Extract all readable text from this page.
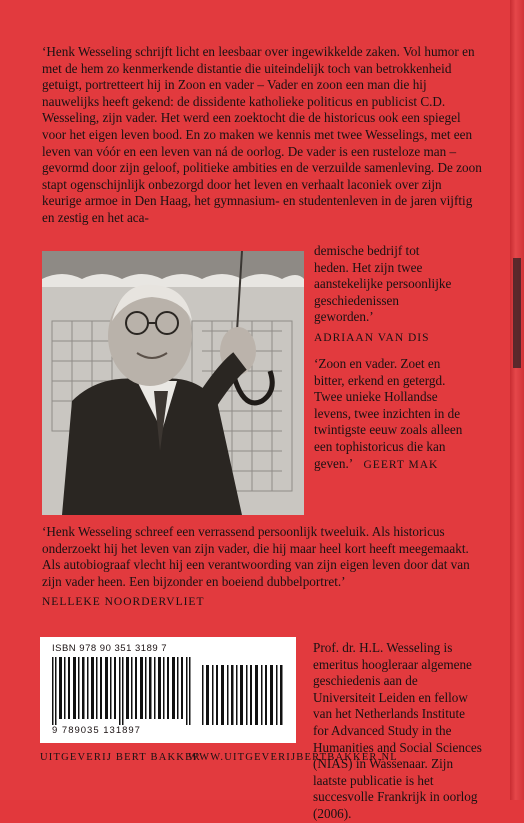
‘Henk Wesseling schrijft licht en leesbaar over ingewikkelde zaken. Vol humor en met de hem zo kenmerkende distantie die uiteindelijk toch van betrokkenheid getuigt, portretteert hij in Zoon en vader – Vader en zoon een man die hij nauwelijks heeft gekend: de dissidente katholieke politicus en publicist C.D. Wesseling, zijn vader. Het werd een zoektocht die de historicus ook een spiegel voor het eigen leven bood. En zo maken we kennis met twee Wesselings, met een leven van vóór en een leven van ná de oorlog. De vader is een rusteloze man – gevormd door zijn geloof, politieke ambities en de verzuilde samenleving. De zoon stapt ogenschijnlijk onbezorgd door het leven en verhaalt laconiek over zijn keurige armoe in Den Haag, het gymnasium- en studentenleven in de jaren vijftig en zestig en het aca-
demische bedrijf tot heden. Het zijn twee aanstekelijke persoonlijke geschiedenissen geworden.’
ADRIAAN VAN DIS
‘Zoon en vader. Zoet en bitter, erkend en getergd. Twee unieke Hollandse levens, twee inzichten in de twintigste eeuw zoals alleen een tophistoricus die kan geven.’ GEERT MAK
‘Henk Wesseling schreef een verrassend persoonlijk tweeluik. Als historicus onderzoekt hij het leven van zijn vader, die hij maar heel kort heeft meegemaakt. Als autobiograaf vlecht hij een verantwoording van zijn eigen leven door dat van zijn vader heen. Een bijzonder en boeiend dubbelportret.’
NELLEKE NOORDERVLIET
ISBN 978 90 351 3189 7
9 789035 131897
Prof. dr. H.L. Wesseling is emeritus hoogleraar algemene geschiedenis aan de Universiteit Leiden en fellow van het Netherlands Institute for Advanced Study in the Humanities and Social Sciences (NIAS) in Wassenaar. Zijn laatste publicatie is het succesvolle Frankrijk in oorlog (2006).
UITGEVERIJ BERT BAKKER
WWW.UITGEVERIJBERTBAKKER.NL
